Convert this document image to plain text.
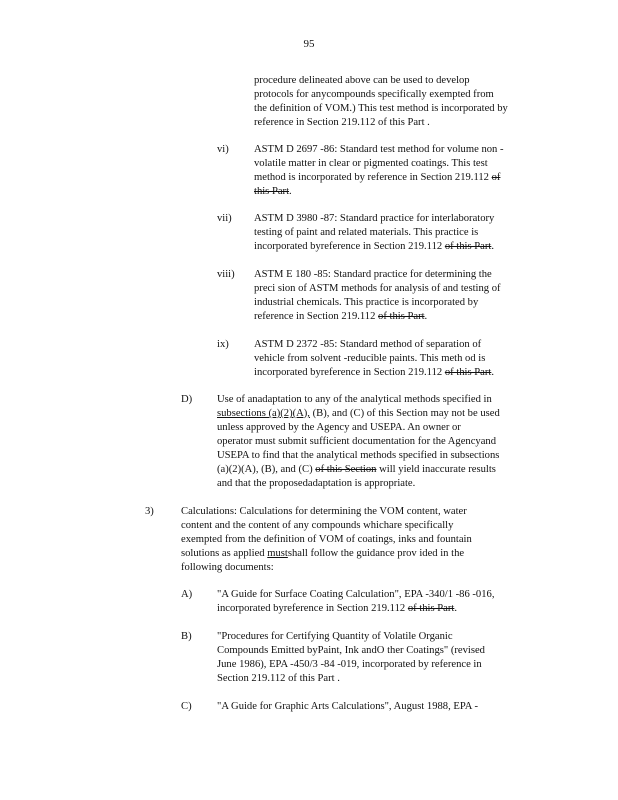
95
procedure delineated above can be used to develop
protocols for anycompounds specifically exempted from
the definition of VOM.) This test method is incorporated by
reference in Section 219.112 of this Part .
vi) ASTM D 2697 -86: Standard test method for volume non -
volatile matter in clear or pigmented coatings. This test
method is incorporated by reference in Section 219.112 of
this Part.
vii) ASTM D 3980 -87: Standard practice for interlaboratory
testing of paint and related materials. This practice is
incorporated byreference in Section 219.112 of this Part.
viii) ASTM E 180 -85: Standard practice for determining the
preci sion of ASTM methods for analysis of and testing of
industrial chemicals. This practice is incorporated by
reference in Section 219.112 of this Part.
ix) ASTM D 2372 -85: Standard method of separation of
vehicle from solvent -reducible paints. This meth od is
incorporated byreference in Section 219.112 of this Part.
D) Use of anadaptation to any of the analytical methods specified in
subsections (a)(2)(A), (B), and (C) of this Section may not be used
unless approved by the Agency and USEPA. An owner or
operator must submit sufficient documentation for the Agencyand
USEPA to find that the analytical methods specified in subsections
(a)(2)(A), (B), and (C) of this Section will yield inaccurate results
and that the proposedadaptation is appropriate.
3)	Calculations: Calculations for determining the VOM content, water
content and the content of any compounds whichare specifically
exempted from the definition of VOM of coatings, inks and fountain
solutions as applied mustshall follow the guidance prov ided in the
following documents:
A) "A Guide for Surface Coating Calculation", EPA -340/1 -86 -016,
incorporated byreference in Section 219.112 of this Part.
B) "Procedures for Certifying Quantity of Volatile Organic
Compounds Emitted byPaint, Ink andO ther Coatings" (revised
June 1986), EPA -450/3 -84 -019, incorporated by reference in
Section 219.112 of this Part .
C) "A Guide for Graphic Arts Calculations", August 1988, EPA -
